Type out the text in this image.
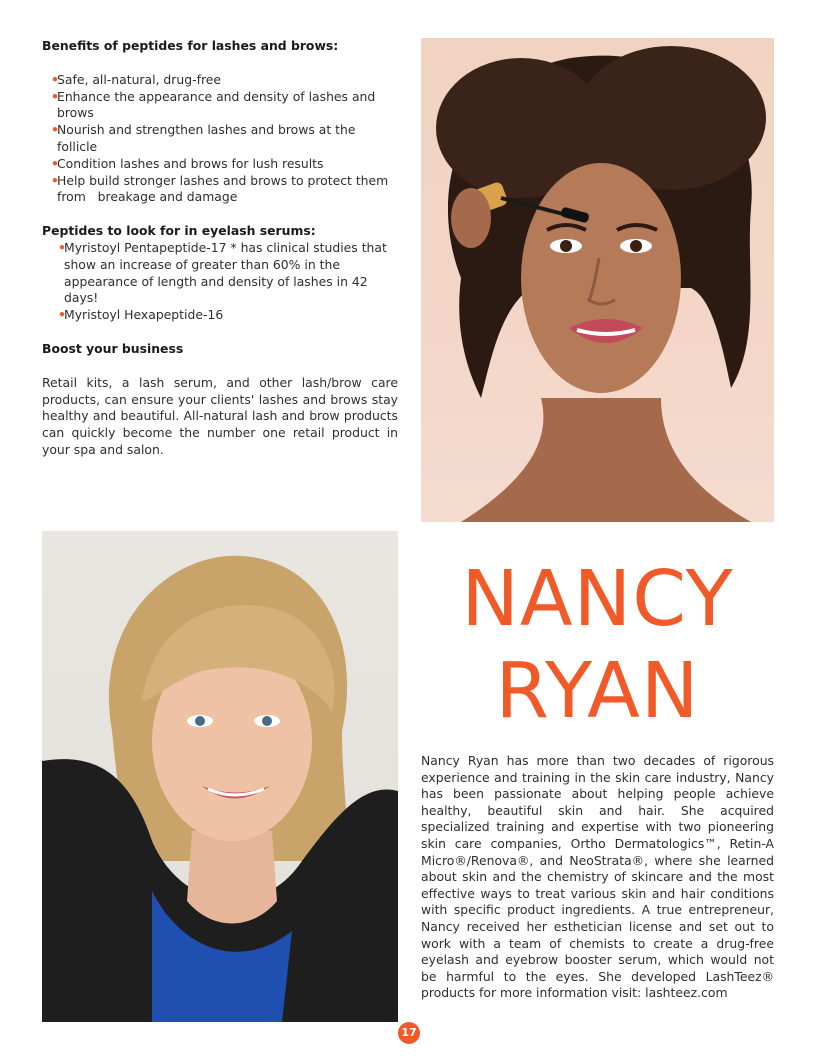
Benefits of peptides for lashes and brows:
•
Safe, all-natural, drug-free
•
Enhance the appearance and density of lashes and brows
•
Nourish and strengthen lashes and brows at the follicle
•
Condition lashes and brows for lush results
•
Help build stronger lashes and brows to protect them from   breakage and damage
Peptides to look for in eyelash serums:
•
Myristoyl Pentapeptide-17 * has clinical studies that show an increase of greater than 60% in the appearance of length and density of lashes in 42 days!
•
Myristoyl Hexapeptide-16
Boost your business

Retail kits, a lash serum, and other lash/brow care products, can ensure your clients' lashes and brows stay healthy and beautiful. All-natural lash and brow products can quickly become the number one retail product in your spa and salon.

NANCY
RYAN

Nancy Ryan has more than two decades of rigorous experience and training in the skin care industry, Nancy has been passionate about helping people achieve healthy, beautiful skin and hair. She acquired specialized training and expertise with two pioneering skin care companies, Ortho Dermatologics™, Retin-A Micro®/Renova®, and NeoStrata®, where she learned about skin and the chemistry of skincare and the most effective ways to treat various skin and hair conditions with specific product ingredients. A true entrepreneur, Nancy received her esthetician license and set out to work with a team of chemists to create a drug-free eyelash and eyebrow booster serum, which would not be harmful to the eyes. She developed LashTeez® products for more information visit: lashteez.com

17
